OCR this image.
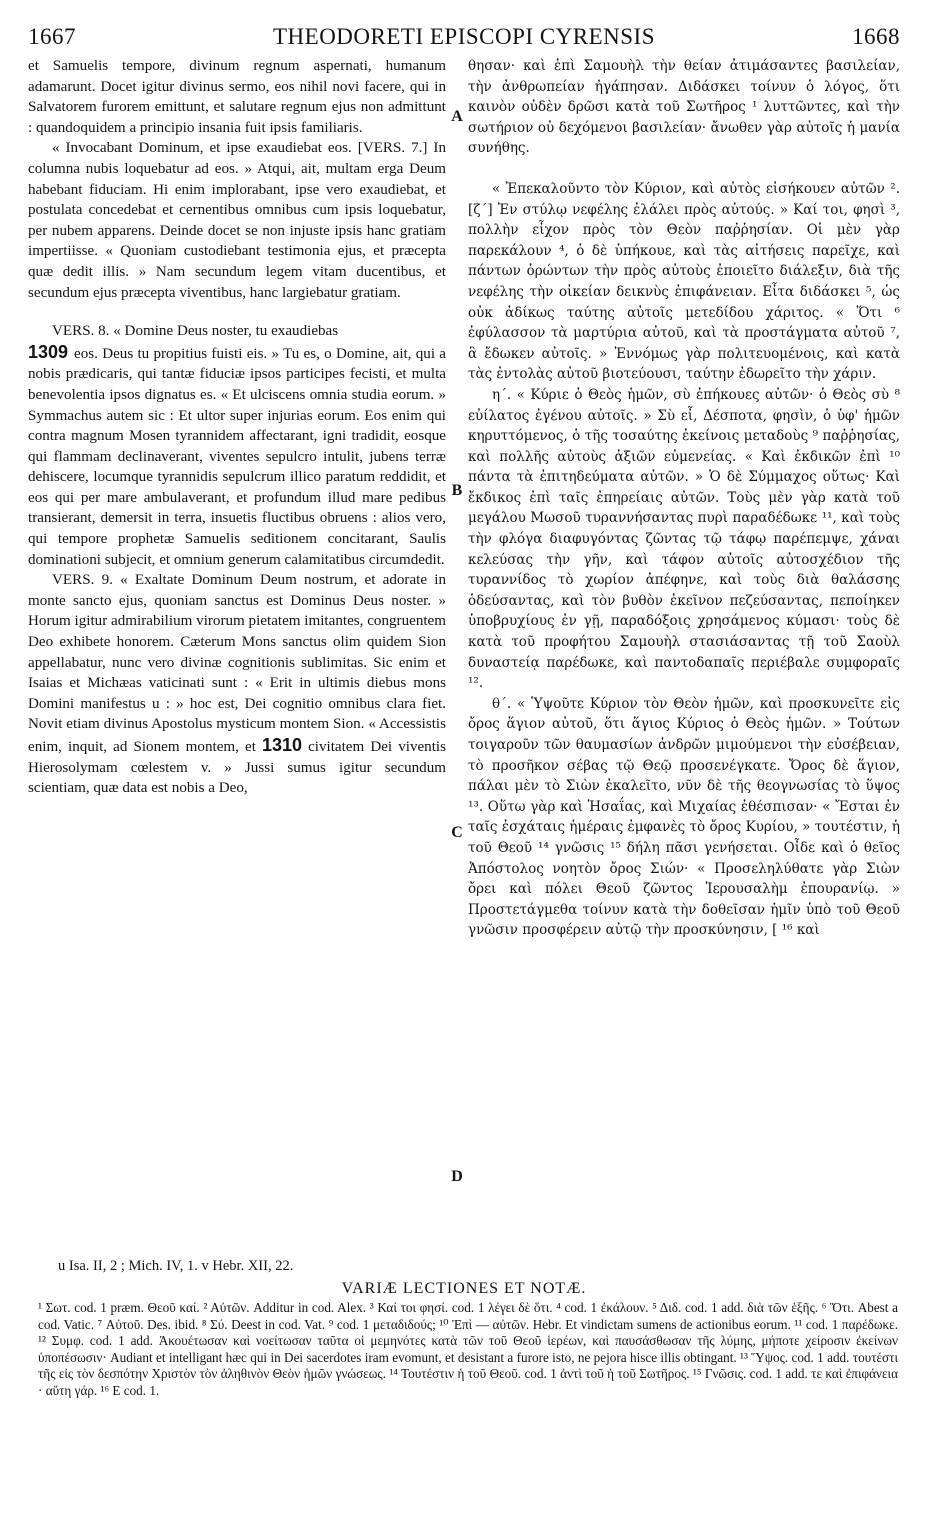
1667	THEODORETI EPISCOPI CYRENSIS	1668

et Samuelis tempore, divinum regnum aspernati, humanum adamarunt. Docet igitur divinus sermo, eos nihil novi facere, qui in Salvatorem furorem emittunt, et salutare regnum ejus non admittunt : quandoquidem a principio insania fuit ipsis familiaris.

« Invocabant Dominum, et ipse exaudiebat eos. [VERS. 7.] In columna nubis loquebatur ad eos. » Atqui, ait, multam erga Deum habebant fiduciam. Hi enim implorabant, ipse vero exaudiebat, et postulata concedebat et cernentibus omnibus cum ipsis loquebatur, per nubem apparens. Deinde docet se non injuste ipsis hanc gratiam impertiisse. « Quoniam custodiebant testimonia ejus, et præcepta quæ dedit illis. » Nam secundum legem vitam ducentibus, et secundum ejus præcepta viventibus, hanc largiebatur gratiam.

VERS. 8. « Domine Deus noster, tu exaudiebas
1309 eos. Deus tu propitius fuisti eis. » Tu es, o Domine, ait, qui a nobis prædicaris, qui tantæ fiduciæ ipsos participes fecisti, et multa benevolentia ipsos dignatus es. « Et ulciscens omnia studia eorum. » Symmachus autem sic : Et ultor super injurias eorum. Eos enim qui contra magnum Mosen tyrannidem affectarant, igni tradidit, eosque qui flammam declinaverant, viventes sepulcro intulit, jubens terræ dehiscere, locumque tyrannidis sepulcrum illico paratum reddidit, et eos qui per mare ambulaverant, et profundum illud mare pedibus transierant, demersit in terra, insuetis fluctibus obruens : alios vero, qui tempore prophetæ Samuelis seditionem concitarant, Saulis dominationi subjecit, et omnium generum calamitatibus circumdedit.

VERS. 9. « Exaltate Dominum Deum nostrum, et adorate in monte sancto ejus, quoniam sanctus est Dominus Deus noster. » Horum igitur admirabilium virorum pietatem imitantes, congruentem Deo exhibete honorem. Cæterum Mons sanctus olim quidem Sion appellabatur, nunc vero divinæ cognitionis sublimitas. Sic enim et Isaias et Michæas vaticinati sunt : « Erit in ultimis diebus mons Domini manifestus u : » hoc est, Dei cognitio omnibus clara fiet. Novit etiam divinus Apostolus mysticum montem Sion. « Accessistis enim, inquit, ad Sionem montem, et 1310 civitatem Dei viventis Hierosolymam cœlestem v. » Jussi sumus igitur secundum scientiam, quæ data est nobis a Deo,

A
B
C
D

θησαν· καὶ ἐπὶ Σαμουὴλ τὴν θείαν ἀτιμάσαντες βασιλείαν, τὴν ἀνθρωπείαν ἠγάπησαν. Διδάσκει τοίνυν ὁ λόγος, ὅτι καινὸν οὐδὲν δρῶσι κατὰ τοῦ Σωτῆρος ¹ λυττῶντες, καὶ τὴν σωτήριον οὐ δεχόμενοι βασιλείαν· ἄνωθεν γὰρ αὐτοῖς ἡ μανία συνήθης.

« Ἐπεκαλοῦντο τὸν Κύριον, καὶ αὐτὸς εἰσήκουεν αὐτῶν ². [ζ΄] Ἐν στύλῳ νεφέλης ἐλάλει πρὸς αὐτούς. » Καί τοι, φησὶ ³, πολλὴν εἶχον πρὸς τὸν Θεὸν παῤῥησίαν. Οἱ μὲν γὰρ παρεκάλουν ⁴, ὁ δὲ ὑπήκουε, καὶ τὰς αἰτήσεις παρεῖχε, καὶ πάντων ὁρώντων τὴν πρὸς αὐτοὺς ἐποιεῖτο διάλεξιν, διὰ τῆς νεφέλης τὴν οἰκείαν δεικνὺς ἐπιφάνειαν. Εἶτα διδάσκει ⁵, ὡς οὐκ ἀδίκως ταύτης αὐτοῖς μετεδίδου χάριτος. « Ὅτι ⁶ ἐφύλασσον τὰ μαρτύρια αὐτοῦ, καὶ τὰ προστάγματα αὐτοῦ ⁷, ἃ ἔδωκεν αὐτοῖς. » Ἐννόμως γὰρ πολιτευομένοις, καὶ κατὰ τὰς ἐντολὰς αὐτοῦ βιοτεύουσι, ταύτην ἐδωρεῖτο τὴν χάριν.

η΄. « Κύριε ὁ Θεὸς ἡμῶν, σὺ ἐπήκουες αὐτῶν· ὁ Θεὸς σὺ ⁸ εὐίλατος ἐγένου αὐτοῖς. » Σὺ εἶ, Δέσποτα, φησὶν, ὁ ὑφ' ἡμῶν κηρυττόμενος, ὁ τῆς τοσαύτης ἐκείνοις μεταδοὺς ⁹ παῤῥησίας, καὶ πολλῆς αὐτοὺς ἀξιῶν εὐμενείας. « Καὶ ἐκδικῶν ἐπὶ ¹⁰ πάντα τὰ ἐπιτηδεύματα αὐτῶν. » Ὁ δὲ Σύμμαχος οὕτως· Καὶ ἔκδικος ἐπὶ ταῖς ἐπηρείαις αὐτῶν. Τοὺς μὲν γὰρ κατὰ τοῦ μεγάλου Μωσοῦ τυραννήσαντας πυρὶ παραδέδωκε ¹¹, καὶ τοὺς τὴν φλόγα διαφυγόντας ζῶντας τῷ τάφῳ παρέπεμψε, χάναι κελεύσας τὴν γῆν, καὶ τάφον αὐτοῖς αὐτοσχέδιον τῆς τυραννίδος τὸ χωρίον ἀπέφηνε, καὶ τοὺς διὰ θαλάσσης ὁδεύσαντας, καὶ τὸν βυθὸν ἐκεῖνον πεζεύσαντας, πεποίηκεν ὑποβρυχίους ἐν γῇ, παραδόξοις χρησάμενος κύμασι· τοὺς δὲ κατὰ τοῦ προφήτου Σαμουὴλ στασιάσαντας τῇ τοῦ Σαοὺλ δυναστείᾳ παρέδωκε, καὶ παντοδαπαῖς περιέβαλε συμφοραῖς ¹².

θ΄. « Ὑψοῦτε Κύριον τὸν Θεὸν ἡμῶν, καὶ προσκυνεῖτε εἰς ὄρος ἅγιον αὐτοῦ, ὅτι ἅγιος Κύριος ὁ Θεὸς ἡμῶν. » Τούτων τοιγαροῦν τῶν θαυμασίων ἀνδρῶν μιμούμενοι τὴν εὐσέβειαν, τὸ προσῆκον σέβας τῷ Θεῷ προσενέγκατε. Ὄρος δὲ ἅγιον, πάλαι μὲν τὸ Σιὼν ἐκαλεῖτο, νῦν δὲ τῆς θεογνωσίας τὸ ὕψος ¹³. Οὕτω γὰρ καὶ Ἡσαΐας, καὶ Μιχαίας ἐθέσπισαν· « Ἔσται ἐν ταῖς ἐσχάταις ἡμέραις ἐμφανὲς τὸ ὄρος Κυρίου, » τουτέστιν, ἡ τοῦ Θεοῦ ¹⁴ γνῶσις ¹⁵ δήλη πᾶσι γενήσεται. Οἶδε καὶ ὁ θεῖος Ἀπόστολος νοητὸν ὄρος Σιών· « Προσεληλύθατε γὰρ Σιὼν ὄρει καὶ πόλει Θεοῦ ζῶντος Ἱερουσαλὴμ ἐπουρανίῳ. » Προστετάγμεθα τοίνυν κατὰ τὴν δοθεῖσαν ἡμῖν ὑπὸ τοῦ Θεοῦ γνῶσιν προσφέρειν αὐτῷ τὴν προσκύνησιν, [ ¹⁶ καὶ

u Isa. II, 2 ; Mich. IV, 1. v Hebr. XII, 22.
VARIÆ LECTIONES ET NOTÆ.
¹ Σωτ. cod. 1 præm. Θεοῦ καί. ² Αὐτῶν. Additur in cod. Alex. ³ Καί τοι φησί. cod. 1 λέγει δὲ ὅτι. ⁴ cod. 1 ἐκάλουν. ⁵ Διδ. cod. 1 add. διὰ τῶν ἑξῆς. ⁶ Ὅτι. Abest a cod. Vatic. ⁷ Αὐτοῦ. Des. ibid. ⁸ Σύ. Deest in cod. Vat. ⁹ cod. 1 μεταδιδούς; ¹⁰ Ἐπὶ — αὐτῶν. Hebr. Et vindictam sumens de actionibus eorum. ¹¹ cod. 1 παρέδωκε. ¹² Συμφ. cod. 1 add. Ἀκουέτωσαν καὶ νοείτωσαν ταῦτα οἱ μεμηνότες κατὰ τῶν τοῦ Θεοῦ ἱερέων, καὶ παυσάσθωσαν τῆς λύμης, μήποτε χείροσιν ἐκείνων ὑποπέσωσιν· Audiant et intelligant hæc qui in Dei sacerdotes iram evomunt, et desistant a furore isto, ne pejora hisce illis obtingant. ¹³ Ὕψος. cod. 1 add. τουτέστι τῆς εἰς τὸν δεσπότην Χριστὸν τὸν ἀληθινὸν Θεὸν ἡμῶν γνώσεως. ¹⁴ Τουτέστιν ἡ τοῦ Θεοῦ. cod. 1 ἀντὶ τοῦ ἡ τοῦ Σωτῆρος. ¹⁵ Γνῶσις. cod. 1 add. τε καὶ ἐπιφάνεια · αὕτη γάρ. ¹⁶ E cod. 1.
